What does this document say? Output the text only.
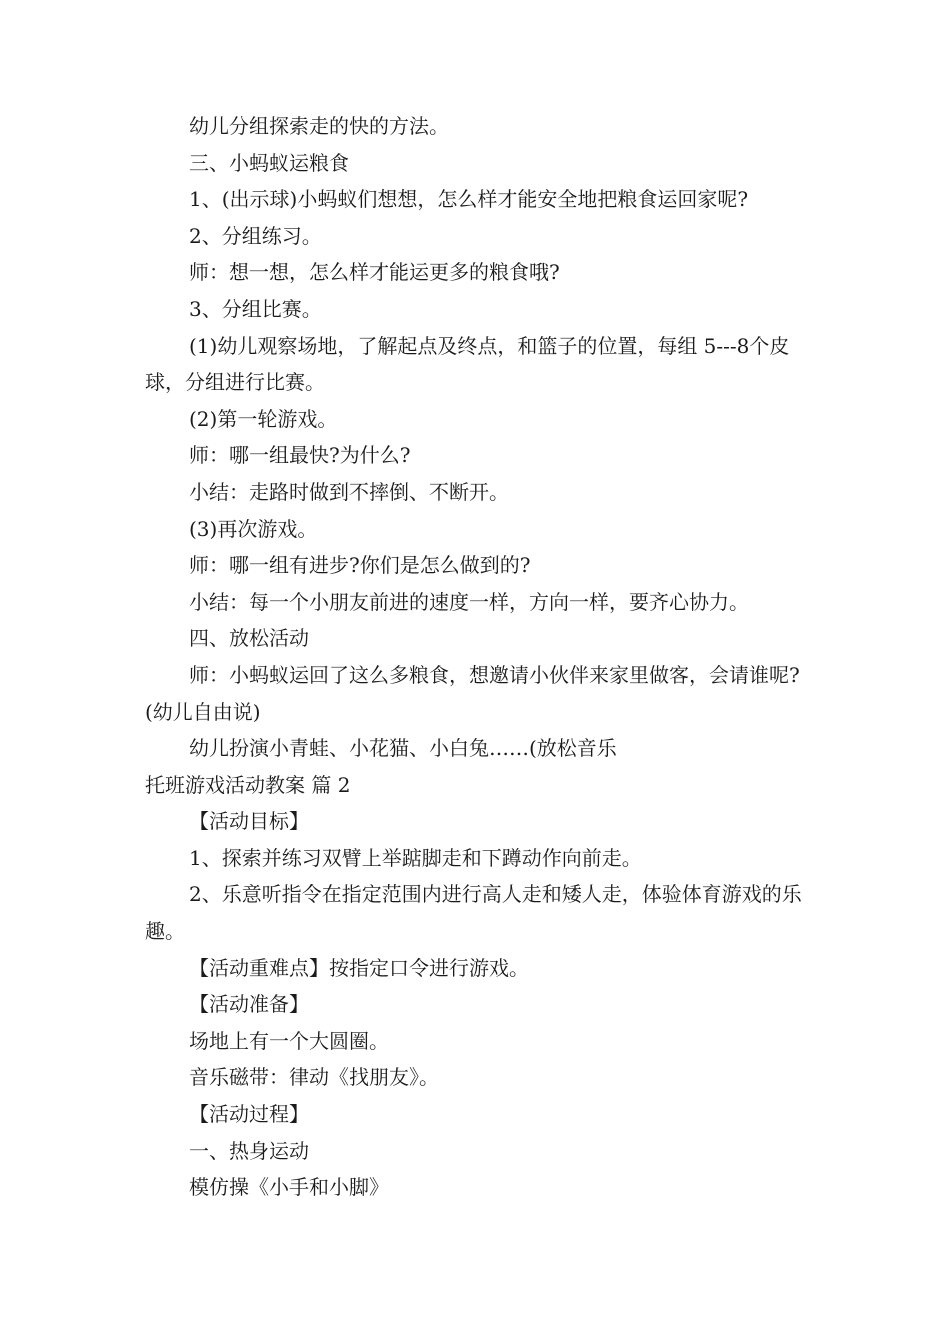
幼儿分组探索走的快的方法。

三、小蚂蚁运粮食

1、(出示球)小蚂蚁们想想，怎么样才能安全地把粮食运回家呢?

2、分组练习。

师：想一想，怎么样才能运更多的粮食哦?

3、分组比赛。

(1)幼儿观察场地，了解起点及终点，和篮子的位置，每组 5---8个皮球，分组进行比赛。

(2)第一轮游戏。

师：哪一组最快?为什么?

小结：走路时做到不摔倒、不断开。

(3)再次游戏。

师：哪一组有进步?你们是怎么做到的?

小结：每一个小朋友前进的速度一样，方向一样，要齐心协力。

四、放松活动

师：小蚂蚁运回了这么多粮食，想邀请小伙伴来家里做客，会请谁呢?(幼儿自由说)

幼儿扮演小青蛙、小花猫、小白兔……(放松音乐

托班游戏活动教案 篇 2

【活动目标】

1、探索并练习双臂上举踮脚走和下蹲动作向前走。

2、乐意听指令在指定范围内进行高人走和矮人走，体验体育游戏的乐趣。

【活动重难点】按指定口令进行游戏。

【活动准备】

场地上有一个大圆圈。

音乐磁带：律动《找朋友》。

【活动过程】

一、热身运动

模仿操《小手和小脚》
